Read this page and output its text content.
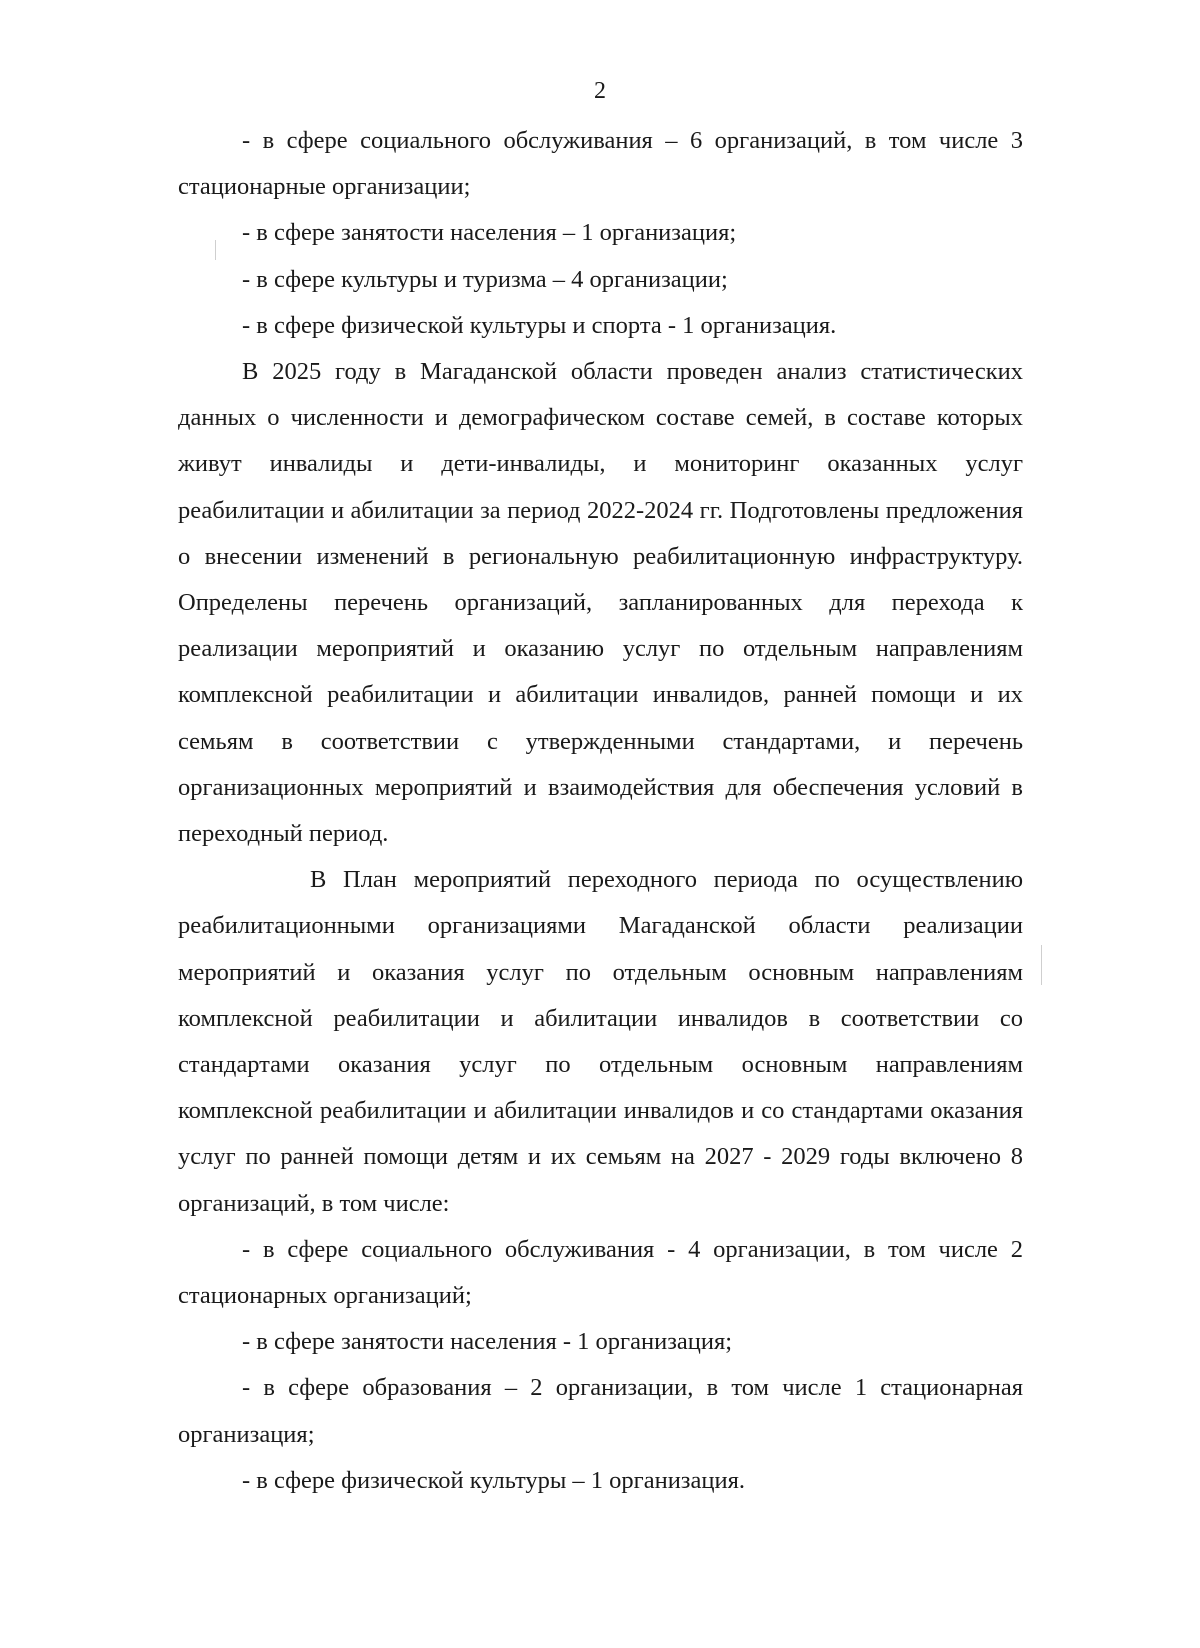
2

- в сфере социального обслуживания – 6 организаций, в том числе 3 стационарные организации;

- в сфере занятости населения – 1 организация;

- в сфере культуры и туризма – 4 организации;

- в сфере физической культуры и спорта - 1 организация.

В 2025 году в Магаданской области проведен анализ статистических данных о численности и демографическом составе семей, в составе которых живут инвалиды и дети-инвалиды, и мониторинг оказанных услуг реабилитации и абилитации за период 2022-2024 гг. Подготовлены предложения о внесении изменений в региональную реабилитационную инфраструктуру. Определены перечень организаций, запланированных для перехода к реализации мероприятий и оказанию услуг по отдельным направлениям комплексной реабилитации и абилитации инвалидов, ранней помощи и их семьям в соответствии с утвержденными стандартами, и перечень организационных мероприятий и взаимодействия для обеспечения условий в переходный период.

В План мероприятий переходного периода по осуществлению реабилитационными организациями Магаданской области реализации мероприятий и оказания услуг по отдельным основным направлениям комплексной реабилитации и абилитации инвалидов в соответствии со стандартами оказания услуг по отдельным основным направлениям комплексной реабилитации и абилитации инвалидов и со стандартами оказания услуг по ранней помощи детям и их семьям на 2027 - 2029 годы включено 8 организаций, в том числе:

- в сфере социального обслуживания - 4 организации, в том числе 2 стационарных организаций;

- в сфере занятости населения - 1 организация;

- в сфере образования – 2 организации, в том числе 1 стационарная организация;

- в сфере физической культуры – 1 организация.
